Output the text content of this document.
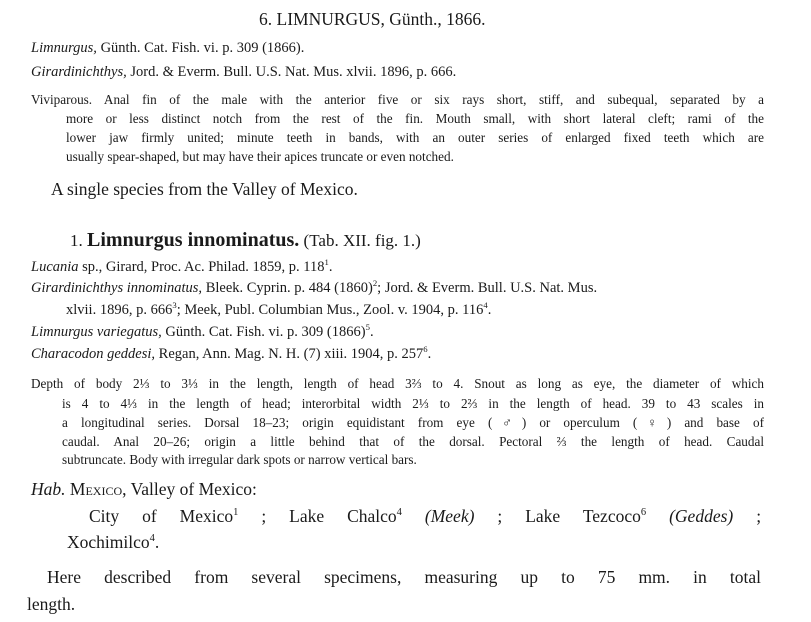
6. LIMNURGUS, Günth., 1866.
Limnurgus, Günth. Cat. Fish. vi. p. 309 (1866).
Girardinichthys, Jord. & Everm. Bull. U.S. Nat. Mus. xlvii. 1896, p. 666.
Viviparous. Anal fin of the male with the anterior five or six rays short, stiff, and subequal, separated by a
more or less distinct notch from the rest of the fin. Mouth small, with short lateral cleft; rami of the
lower jaw firmly united; minute teeth in bands, with an outer series of enlarged fixed teeth which are
usually spear-shaped, but may have their apices truncate or even notched.
A single species from the Valley of Mexico.
1. Limnurgus innominatus. (Tab. XII. fig. 1.)
Lucania sp., Girard, Proc. Ac. Philad. 1859, p. $118^1$.
Girardinichthys innominatus, Bleek. Cyprin. p. 484 $(1860)^2$; Jord. & Everm. Bull. U.S. Nat. Mus.
xlvii. 1896, p. $666^3$; Meek, Publ. Columbian Mus., Zool. v. 1904, p. $116^4$.
Limnurgus variegatus, Günth. Cat. Fish. vi. p. 309 $(1866)^5$.
Characodon geddesi, Regan, Ann. Mag. N. H. (7) xiii. 1904, p. $257^6$.
Depth of body 2⅓ to 3⅓ in the length, length of head 3⅔ to 4. Snout as long as eye, the diameter of which
is 4 to 4⅓ in the length of head; interorbital width 2⅓ to 2⅔ in the length of head. 39 to 43 scales in
a longitudinal series. Dorsal 18–23; origin equidistant from eye (♂) or operculum (♀) and base of
caudal. Anal 20–26; origin a little behind that of the dorsal. Pectoral ⅔ the length of head. Caudal
subtruncate. Body with irregular dark spots or narrow vertical bars.
Hab. Mexico, Valley of Mexico:
City of Mexico$^1$ ; Lake Chalco$^4$ (Meek) ; Lake Tezcoco$^6$ (Geddes) ;
Xochimilco$^4$.
Here described from several specimens, measuring up to 75 mm. in total
length.
